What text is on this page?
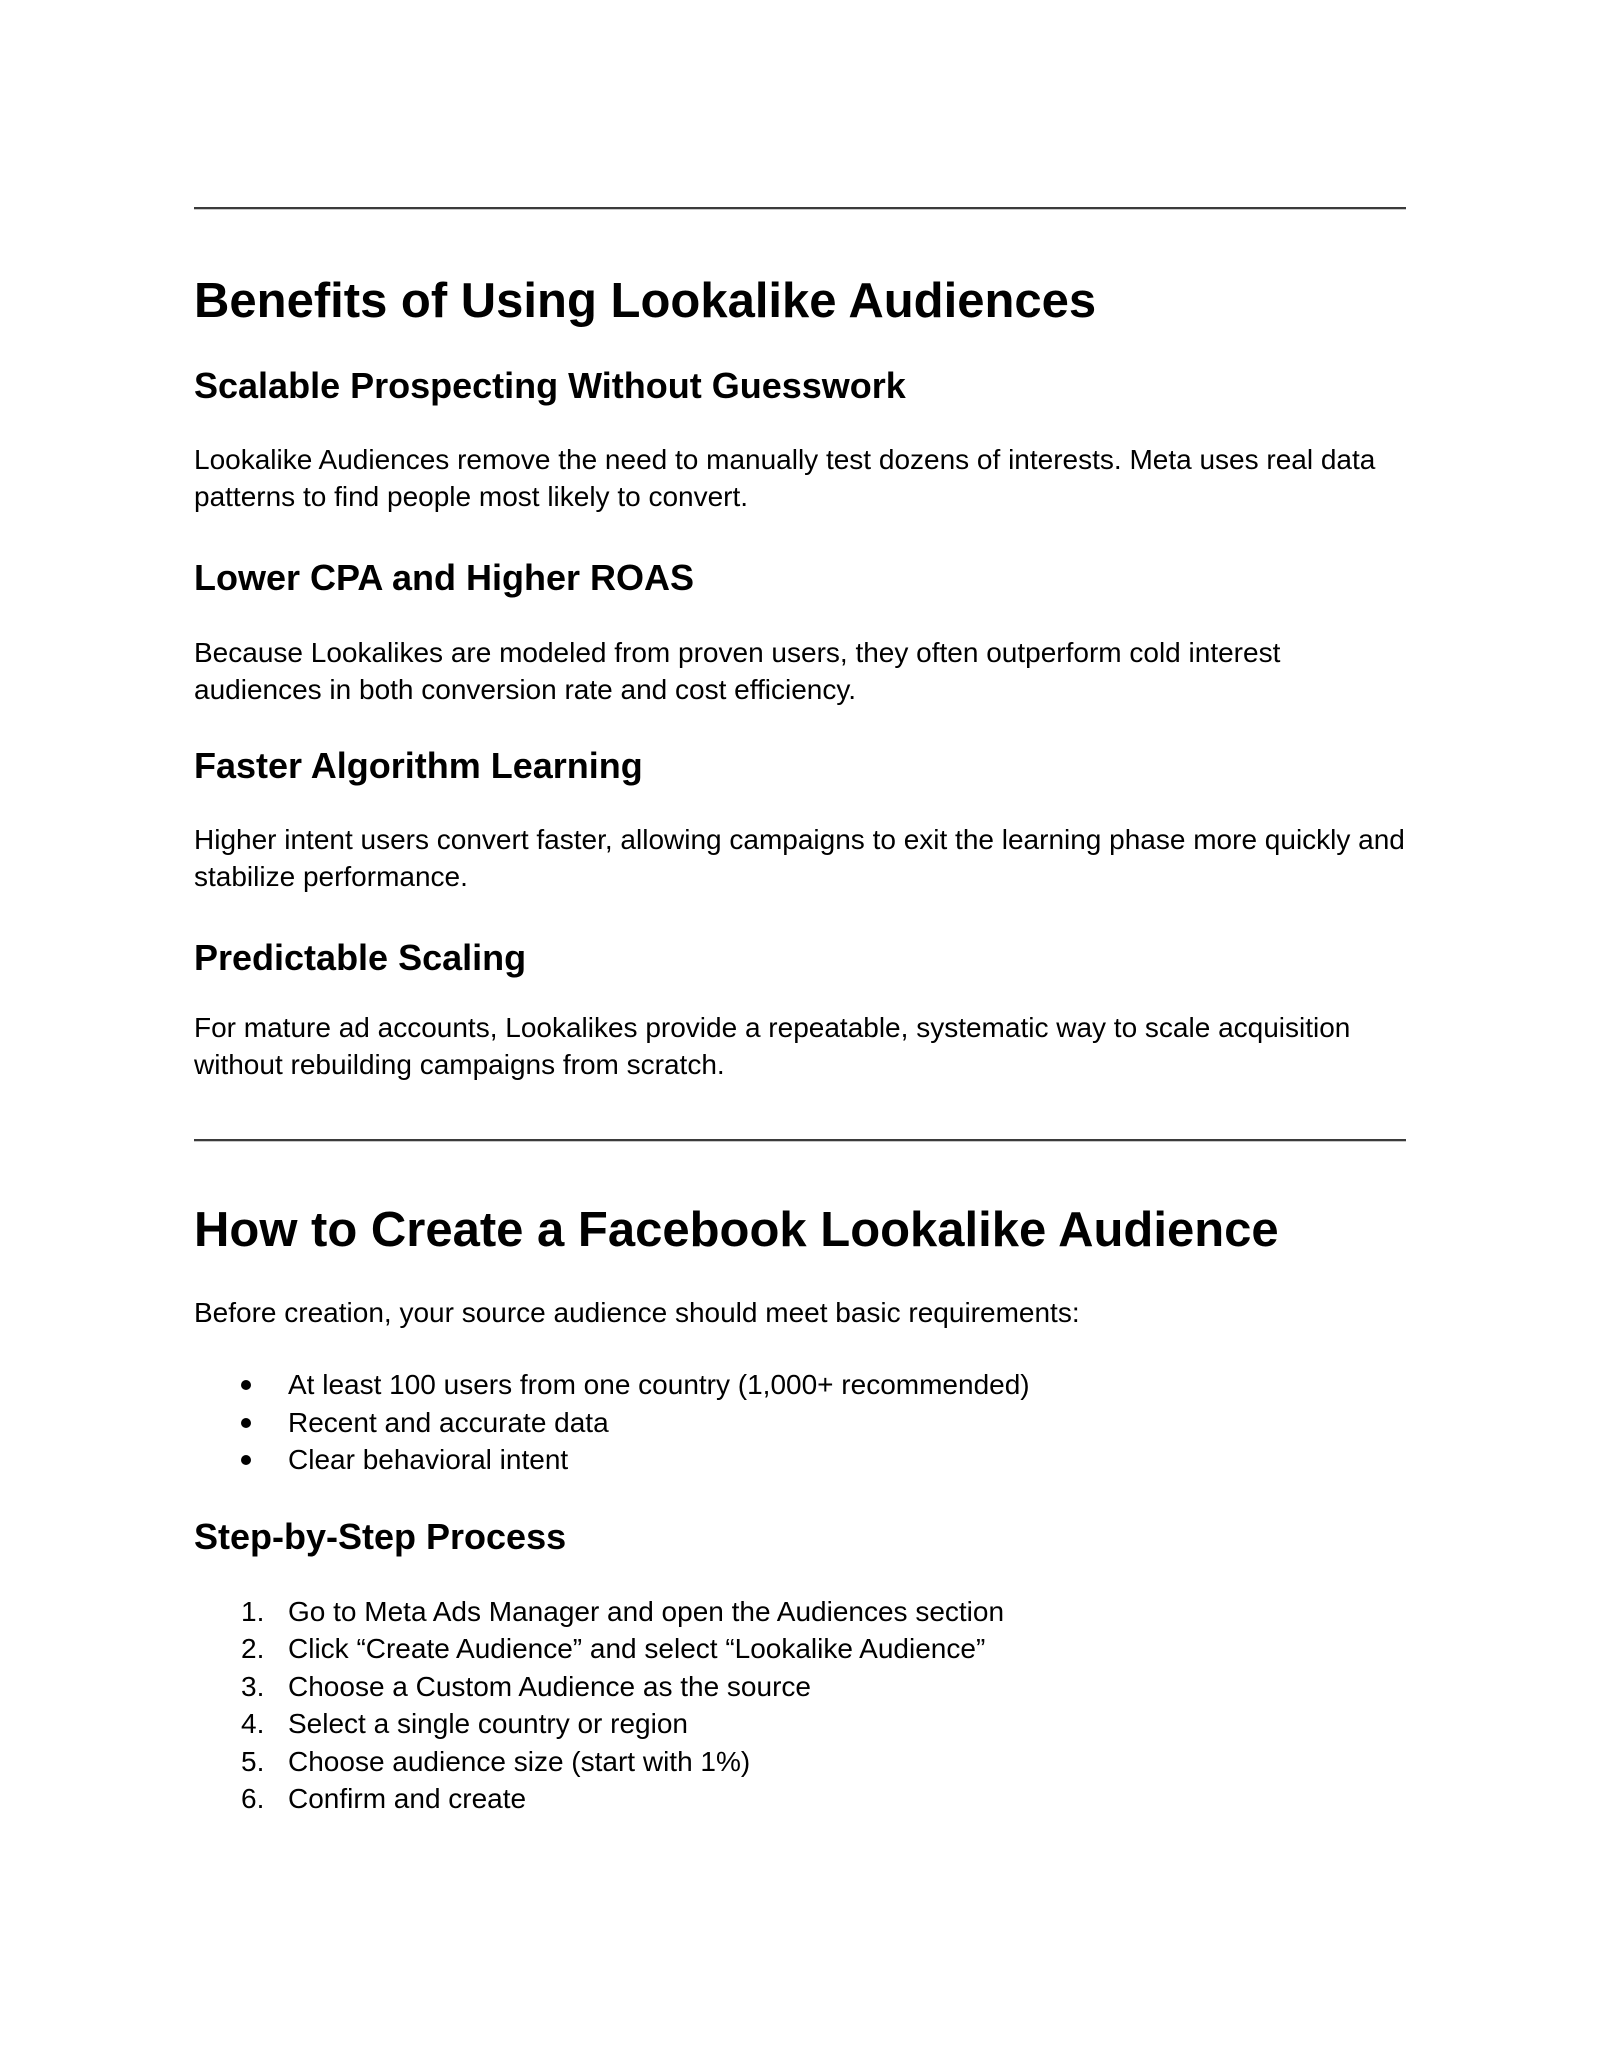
Benefits of Using Lookalike Audiences
Scalable Prospecting Without Guesswork

Lookalike Audiences remove the need to manually test dozens of interests. Meta uses real data patterns to find people most likely to convert.

Lower CPA and Higher ROAS

Because Lookalikes are modeled from proven users, they often outperform cold interest audiences in both conversion rate and cost efficiency.

Faster Algorithm Learning

Higher intent users convert faster, allowing campaigns to exit the learning phase more quickly and stabilize performance.

Predictable Scaling

For mature ad accounts, Lookalikes provide a repeatable, systematic way to scale acquisition without rebuilding campaigns from scratch.

How to Create a Facebook Lookalike Audience

Before creation, your source audience should meet basic requirements:

At least 100 users from one country (1,000+ recommended)
Recent and accurate data
Clear behavioral intent
Step-by-Step Process
1. Go to Meta Ads Manager and open the Audiences section
2. Click “Create Audience” and select “Lookalike Audience”
3. Choose a Custom Audience as the source
4. Select a single country or region
5. Choose audience size (start with 1%)
6. Confirm and create
